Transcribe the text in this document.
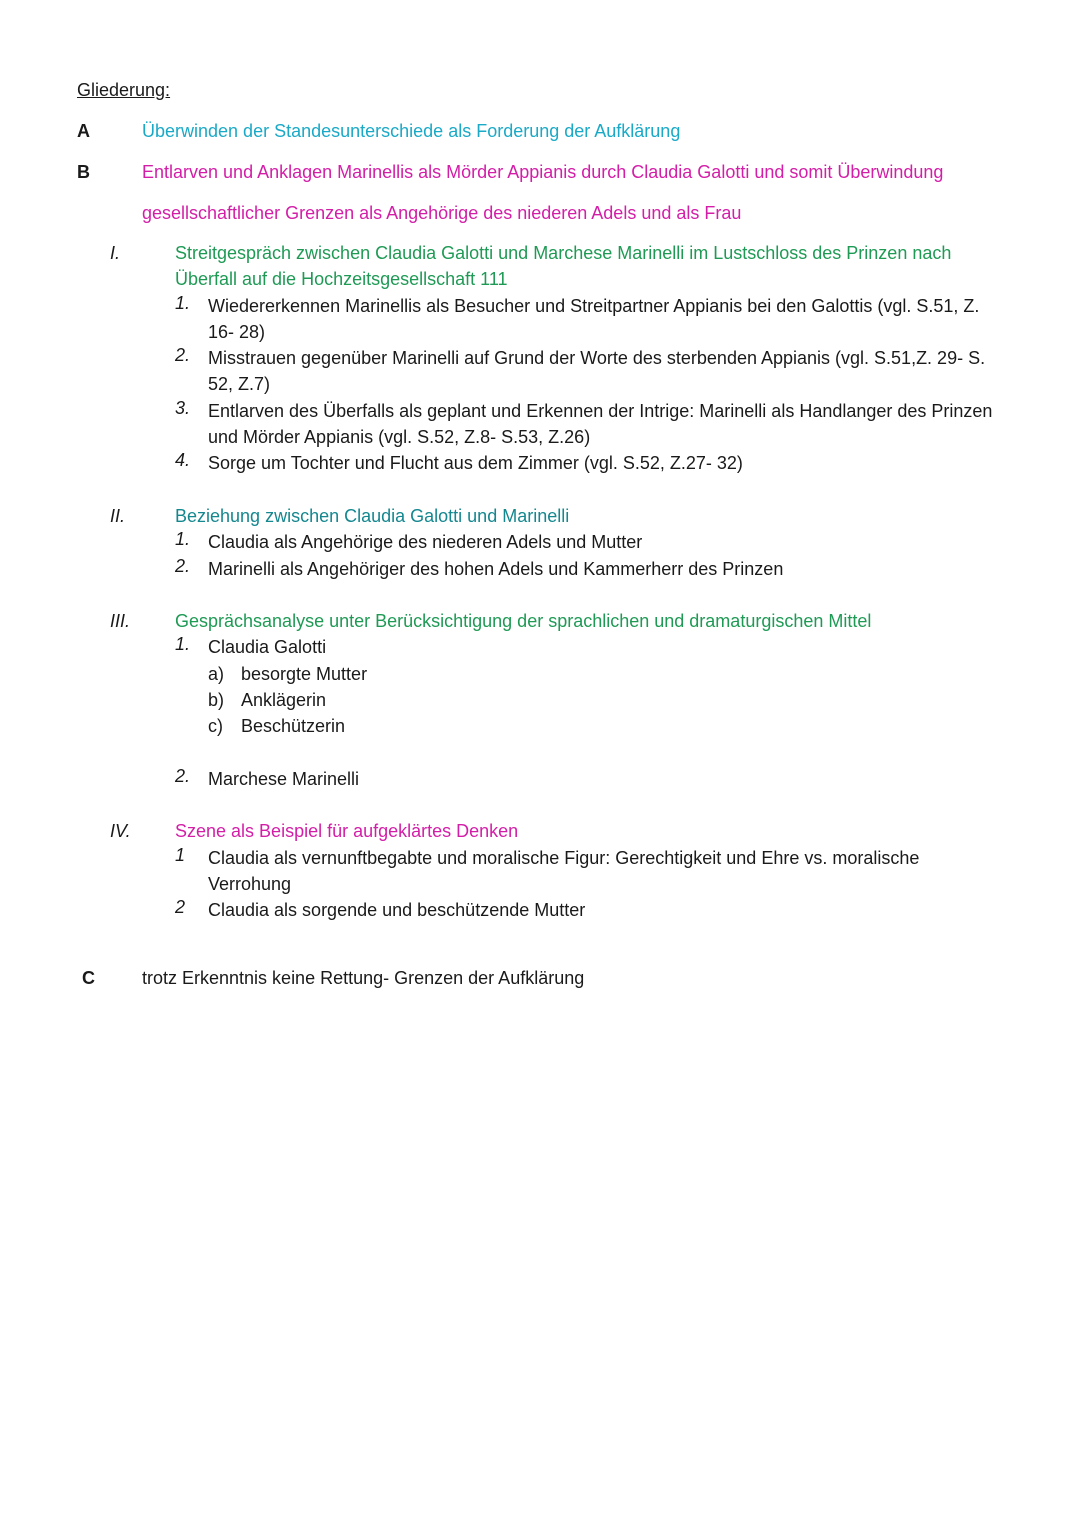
Gliederung:
A	Überwinden der Standesunterschiede als Forderung der Aufklärung
B	Entlarven und Anklagen Marinellis als Mörder Appianis durch Claudia Galotti und somit Überwindung
gesellschaftlicher Grenzen als Angehörige des niederen Adels und als Frau
I.	Streitgespräch zwischen Claudia Galotti und Marchese Marinelli im Lustschloss des Prinzen nach
Überfall auf die Hochzeitsgesellschaft 111
1. Wiedererkennen Marinellis als Besucher und Streitpartner Appianis bei den Galottis (vgl. S.51, Z.
16- 28)
2. Misstrauen gegenüber Marinelli auf Grund der Worte des sterbenden Appianis (vgl. S.51,Z. 29- S.
52, Z.7)
3. Entlarven des Überfalls als geplant und Erkennen der Intrige: Marinelli als Handlanger des Prinzen
und Mörder Appianis (vgl. S.52, Z.8- S.53, Z.26)
4. Sorge um Tochter und Flucht aus dem Zimmer (vgl. S.52, Z.27- 32)
II.	Beziehung zwischen Claudia Galotti und Marinelli
1. Claudia als Angehörige des niederen Adels und Mutter
2. Marinelli als Angehöriger des hohen Adels und Kammerherr des Prinzen
III. Gesprächsanalyse unter Berücksichtigung der sprachlichen und dramaturgischen Mittel
1. Claudia Galotti
a) besorgte Mutter
b) Anklägerin
c) Beschützerin
2. Marchese Marinelli
IV. Szene als Beispiel für aufgeklärtes Denken
1 Claudia als vernunftbegabte und moralische Figur: Gerechtigkeit und Ehre vs. moralische
Verrohung
2 Claudia als sorgende und beschützende Mutter
C	trotz Erkenntnis keine Rettung- Grenzen der Aufklärung
